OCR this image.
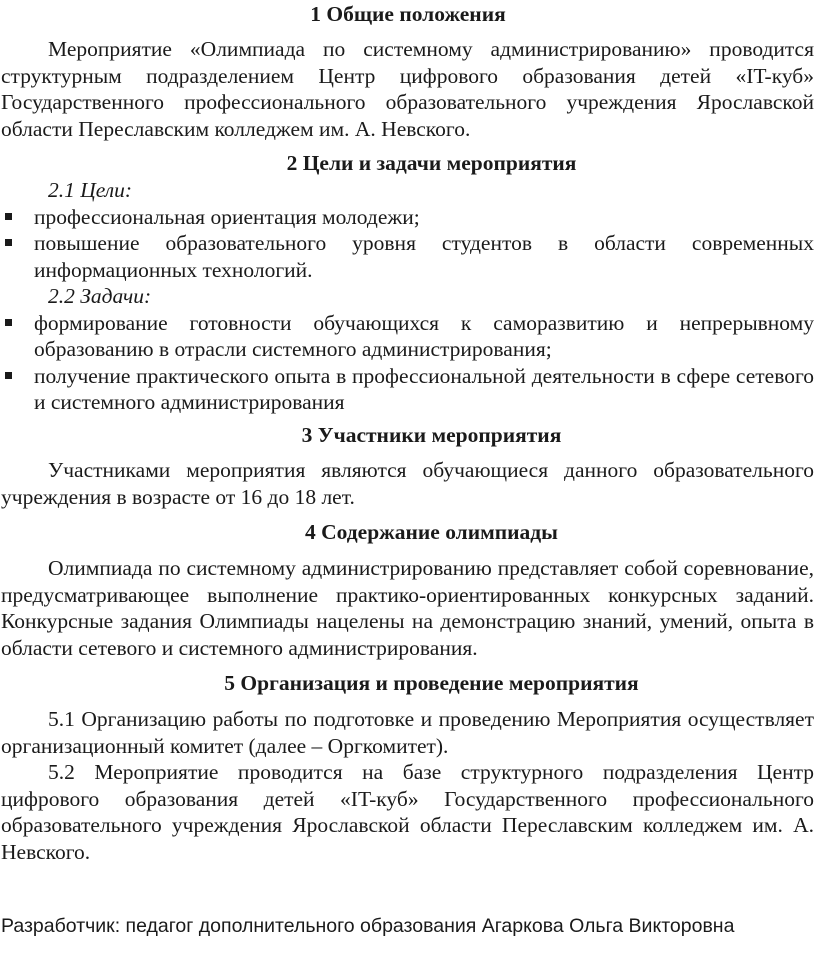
1 Общие положения

Мероприятие «Олимпиада по системному администрированию» проводится структурным подразделением Центр цифрового образования детей «IT-куб» Государственного профессионального образовательного учреждения Ярославской области Переславским колледжем им. А. Невского.

2 Цели и задачи мероприятия

2.1 Цели:

профессиональная ориентация молодежи;
повышение образовательного уровня студентов в области современных информационных технологий.

2.2 Задачи:

формирование готовности обучающихся к саморазвитию и непрерывному образованию в отрасли системного администрирования;
получение практического опыта в профессиональной деятельности в сфере сетевого и системного администрирования

3 Участники мероприятия

Участниками мероприятия являются обучающиеся данного образовательного учреждения в возрасте от 16 до 18 лет.

4 Содержание олимпиады

Олимпиада по системному администрированию представляет собой соревнование, предусматривающее выполнение практико-ориентированных конкурсных заданий. Конкурсные задания Олимпиады нацелены на демонстрацию знаний, умений, опыта в области сетевого и системного администрирования.

5 Организация и проведение мероприятия

5.1 Организацию работы по подготовке и проведению Мероприятия осуществляет организационный комитет (далее – Оргкомитет).

5.2 Мероприятие проводится на базе структурного подразделения Центр цифрового образования детей «IT-куб» Государственного профессионального образовательного учреждения Ярославской области Переславским колледжем им. А. Невского.

Разработчик: педагог дополнительного образования Агаркова Ольга Викторовна
